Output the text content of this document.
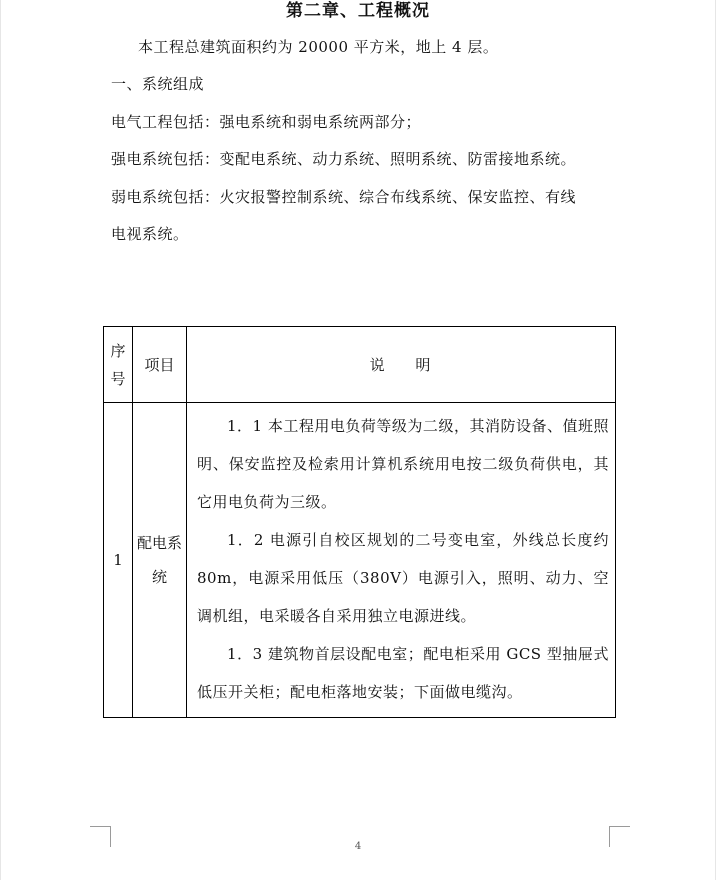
第二章、工程概况
本工程总建筑面积约为 20000 平方米，地上 4 层。
一、系统组成
电气工程包括：强电系统和弱电系统两部分；
强电系统包括：变配电系统、动力系统、照明系统、防雷接地系统。
弱电系统包括：火灾报警控制系统、综合布线系统、保安监控、有线
电视系统。
序号	项目	说 明
1	配电系统	1．1 本工程用电负荷等级为二级，其消防设备、值班照明、保安监控及检索用计算机系统用电按二级负荷供电，其它用电负荷为三级。

1．2 电源引自校区规划的二号变电室，外线总长度约 80m，电源采用低压（380V）电源引入，照明、动力、空调机组，电采暖各自采用独立电源进线。

1．3 建筑物首层设配电室；配电柜采用 GCS 型抽屉式低压开关柜；配电柜落地安装；下面做电缆沟。

4
